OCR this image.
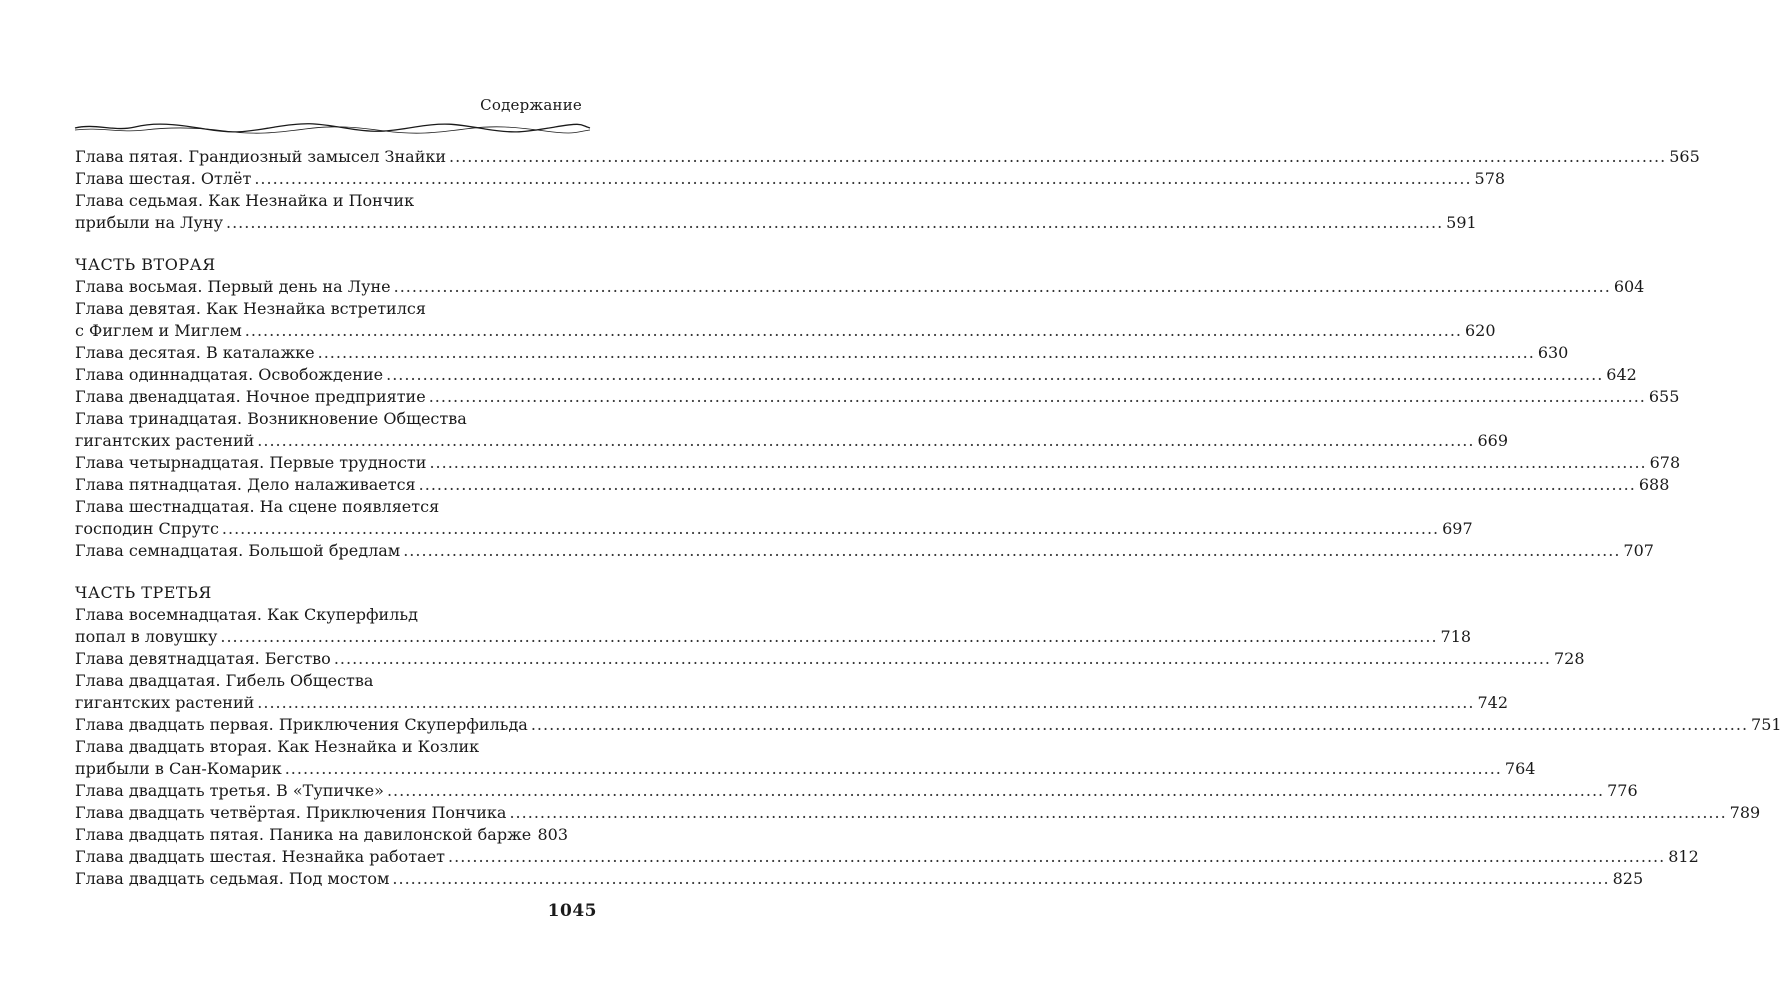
Содержание
Глава пятая. Грандиозный замысел Знайки ........................................................................................................................................................................................................ 565
Глава шестая. Отлёт ........................................................................................................................................................................................................ 578
Глава седьмая. Как Незнайка и Пончик
прибыли на Луну ........................................................................................................................................................................................................ 591
ЧАСТЬ ВТОРАЯ
Глава восьмая. Первый день на Луне ........................................................................................................................................................................................................ 604
Глава девятая. Как Незнайка встретился
с Фиглем и Миглем ........................................................................................................................................................................................................ 620
Глава десятая. В каталажке ........................................................................................................................................................................................................ 630
Глава одиннадцатая. Освобождение ........................................................................................................................................................................................................ 642
Глава двенадцатая. Ночное предприятие ........................................................................................................................................................................................................ 655
Глава тринадцатая. Возникновение Общества
гигантских растений ........................................................................................................................................................................................................ 669
Глава четырнадцатая. Первые трудности ........................................................................................................................................................................................................ 678
Глава пятнадцатая. Дело налаживается ........................................................................................................................................................................................................ 688
Глава шестнадцатая. На сцене появляется
господин Спрутс ........................................................................................................................................................................................................ 697
Глава семнадцатая. Большой бредлам ........................................................................................................................................................................................................ 707
ЧАСТЬ ТРЕТЬЯ
Глава восемнадцатая. Как Скуперфильд
попал в ловушку ........................................................................................................................................................................................................ 718
Глава девятнадцатая. Бегство ........................................................................................................................................................................................................ 728
Глава двадцатая. Гибель Общества
гигантских растений ........................................................................................................................................................................................................ 742
Глава двадцать первая. Приключения Скуперфильда ........................................................................................................................................................................................................ 751
Глава двадцать вторая. Как Незнайка и Козлик
прибыли в Сан-Комарик ........................................................................................................................................................................................................ 764
Глава двадцать третья. В «Тупичке» ........................................................................................................................................................................................................ 776
Глава двадцать четвёртая. Приключения Пончика ........................................................................................................................................................................................................ 789
Глава двадцать пятая. Паника на давилонской барже 803
Глава двадцать шестая. Незнайка работает ........................................................................................................................................................................................................ 812
Глава двадцать седьмая. Под мостом ........................................................................................................................................................................................................ 825
1045
